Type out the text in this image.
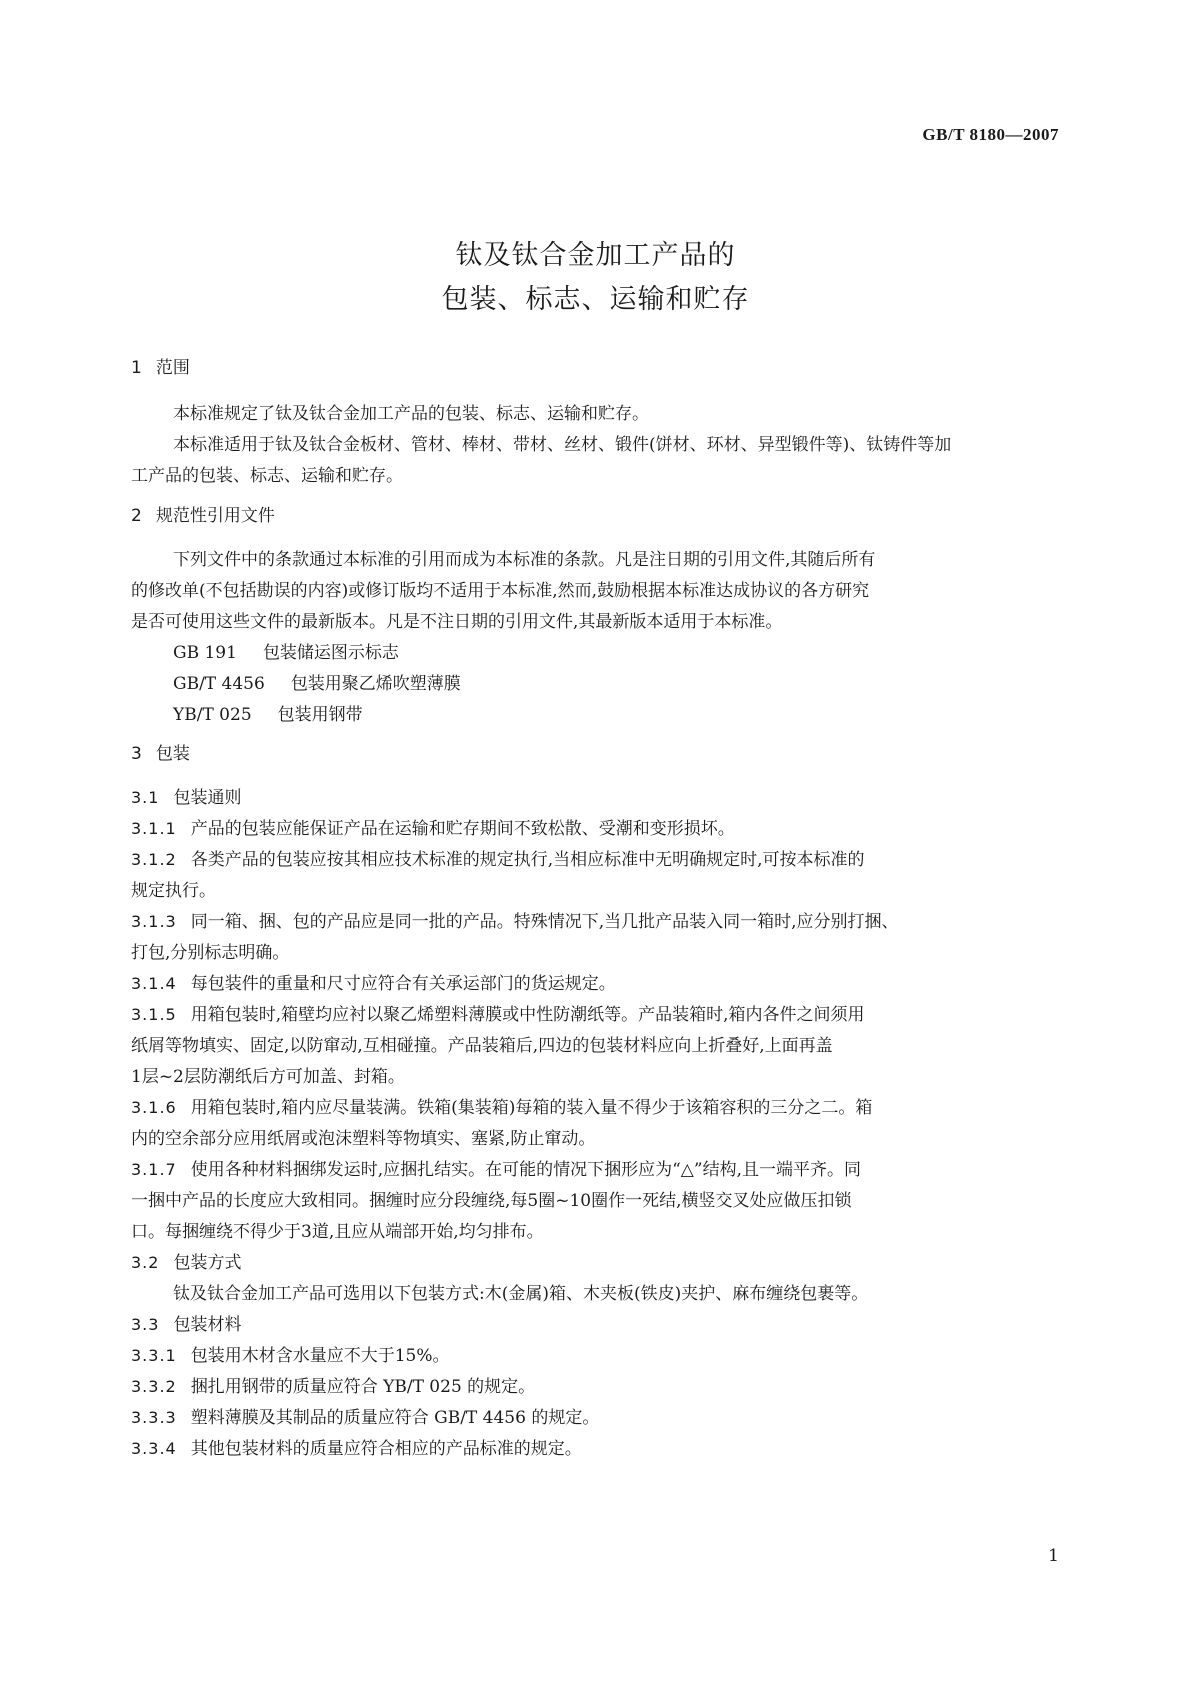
GB/T 8180—2007
钛及钛合金加工产品的
包装、标志、运输和贮存
1 范围
本标准规定了钛及钛合金加工产品的包装、标志、运输和贮存。
本标准适用于钛及钛合金板材、管材、棒材、带材、丝材、锻件(饼材、环材、异型锻件等)、钛铸件等加
工产品的包装、标志、运输和贮存。
2 规范性引用文件
下列文件中的条款通过本标准的引用而成为本标准的条款。凡是注日期的引用文件,其随后所有
的修改单(不包括勘误的内容)或修订版均不适用于本标准,然而,鼓励根据本标准达成协议的各方研究
是否可使用这些文件的最新版本。凡是不注日期的引用文件,其最新版本适用于本标准。
GB 191 包装储运图示标志
GB/T 4456 包装用聚乙烯吹塑薄膜
YB/T 025 包装用钢带
3 包装
3.1 包装通则
3.1.1 产品的包装应能保证产品在运输和贮存期间不致松散、受潮和变形损坏。
3.1.2 各类产品的包装应按其相应技术标准的规定执行,当相应标准中无明确规定时,可按本标准的
规定执行。
3.1.3 同一箱、捆、包的产品应是同一批的产品。特殊情况下,当几批产品装入同一箱时,应分别打捆、
打包,分别标志明确。
3.1.4 每包装件的重量和尺寸应符合有关承运部门的货运规定。
3.1.5 用箱包装时,箱壁均应衬以聚乙烯塑料薄膜或中性防潮纸等。产品装箱时,箱内各件之间须用
纸屑等物填实、固定,以防窜动,互相碰撞。产品装箱后,四边的包装材料应向上折叠好,上面再盖
1层~2层防潮纸后方可加盖、封箱。
3.1.6 用箱包装时,箱内应尽量装满。铁箱(集装箱)每箱的装入量不得少于该箱容积的三分之二。箱
内的空余部分应用纸屑或泡沫塑料等物填实、塞紧,防止窜动。
3.1.7 使用各种材料捆绑发运时,应捆扎结实。在可能的情况下捆形应为“△”结构,且一端平齐。同
一捆中产品的长度应大致相同。捆缠时应分段缠绕,每5圈~10圈作一死结,横竖交叉处应做压扣锁
口。每捆缠绕不得少于3道,且应从端部开始,均匀排布。
3.2 包装方式
钛及钛合金加工产品可选用以下包装方式:木(金属)箱、木夹板(铁皮)夹护、麻布缠绕包裹等。
3.3 包装材料
3.3.1 包装用木材含水量应不大于15%。
3.3.2 捆扎用钢带的质量应符合 YB/T 025 的规定。
3.3.3 塑料薄膜及其制品的质量应符合 GB/T 4456 的规定。
3.3.4 其他包装材料的质量应符合相应的产品标准的规定。
1
